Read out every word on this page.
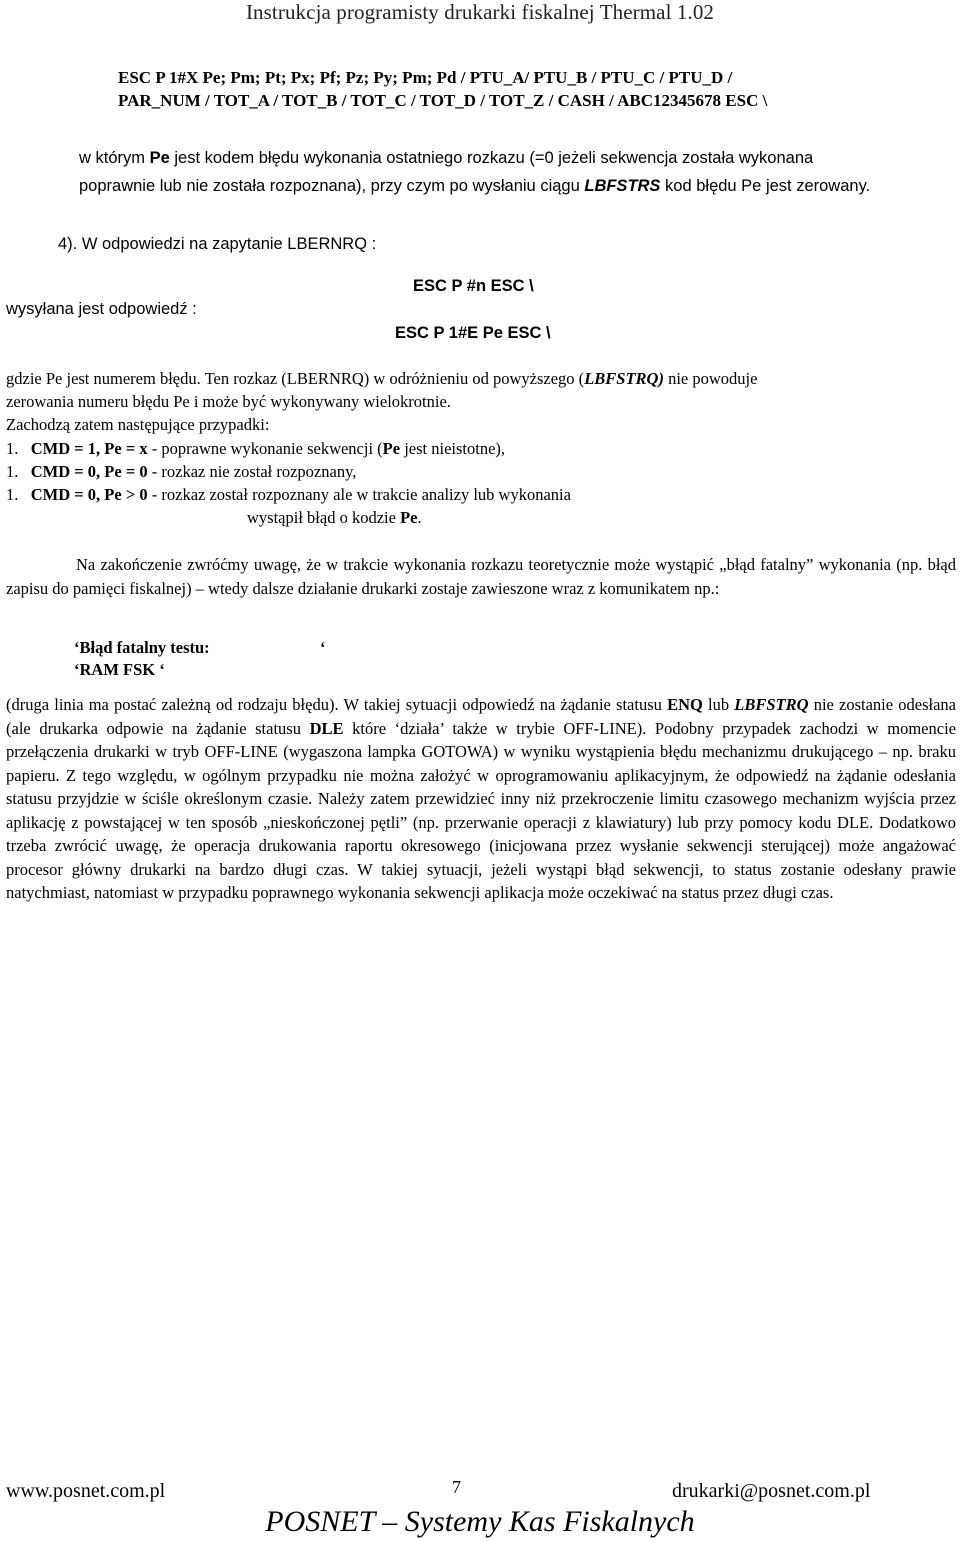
Instrukcja programisty drukarki fiskalnej Thermal 1.02
ESC P 1#X Pe; Pm; Pt; Px; Pf; Pz; Py; Pm; Pd / PTU_A/ PTU_B / PTU_C / PTU_D /
PAR_NUM / TOT_A / TOT_B / TOT_C / TOT_D / TOT_Z / CASH / ABC12345678 ESC \
w którym Pe jest kodem błędu wykonania ostatniego rozkazu (=0 jeżeli sekwencja została wykonana
poprawnie lub nie została rozpoznana), przy czym po wysłaniu ciągu LBFSTRS kod błędu Pe jest zerowany.
4). W odpowiedzi na zapytanie LBERNRQ :
wysyłana jest odpowiedź :
ESC P #n ESC \
ESC P 1#E Pe ESC \
gdzie Pe jest numerem błędu. Ten rozkaz (LBERNRQ) w odróżnieniu od powyższego (LBFSTRQ) nie powoduje
zerowania numeru błędu Pe i może być wykonywany wielokrotnie.
Zachodzą zatem następujące przypadki:
1. CMD = 1, Pe = x - poprawne wykonanie sekwencji (Pe jest nieistotne),
1. CMD = 0, Pe = 0 - rozkaz nie został rozpoznany,
1. CMD = 0, Pe > 0 - rozkaz został rozpoznany ale w trakcie analizy lub wykonania
wystąpił błąd o kodzie Pe.
Na zakończenie zwróćmy uwagę, że w trakcie wykonania rozkazu teoretycznie może wystąpić „błąd fatalny” wykonania (np. błąd zapisu do pamięci fiskalnej) – wtedy dalsze działanie drukarki zostaje zawieszone wraz z komunikatem np.:
‘Błąd fatalny testu:	‘
‘RAM FSK ‘
(druga linia ma postać zależną od rodzaju błędu). W takiej sytuacji odpowiedź na żądanie statusu ENQ lub LBFSTRQ nie zostanie odesłana (ale drukarka odpowie na żądanie statusu DLE które ‘działa’ także w trybie OFF-LINE). Podobny przypadek zachodzi w momencie przełączenia drukarki w tryb OFF-LINE (wygaszona lampka GOTOWA) w wyniku wystąpienia błędu mechanizmu drukującego – np. braku papieru. Z tego względu, w ogólnym przypadku nie można założyć w oprogramowaniu aplikacyjnym, że odpowiedź na żądanie odesłania statusu przyjdzie w ściśle określonym czasie. Należy zatem przewidzieć inny niż przekroczenie limitu czasowego mechanizm wyjścia przez aplikację z powstającej w ten sposób „nieskończonej pętli” (np. przerwanie operacji z klawiatury) lub przy pomocy kodu DLE. Dodatkowo trzeba zwrócić uwagę, że operacja drukowania raportu okresowego (inicjowana przez wysłanie sekwencji sterującej) może angażować procesor główny drukarki na bardzo długi czas. W takiej sytuacji, jeżeli wystąpi błąd sekwencji, to status zostanie odesłany prawie natychmiast, natomiast w przypadku poprawnego wykonania sekwencji aplikacja może oczekiwać na status przez długi czas.
www.posnet.com.pl	7	drukarki@posnet.com.pl
POSNET – Systemy Kas Fiskalnych
